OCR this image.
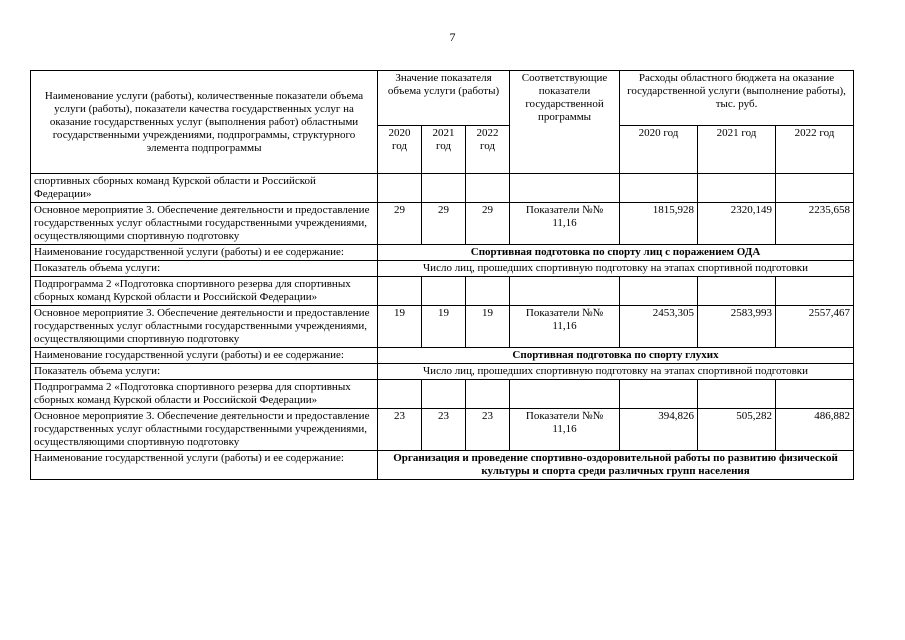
7
Наименование услуги (работы), количественные показатели объема услуги (работы), показатели качества государственных услуг на оказание государственных услуг (выполнения работ) областными государственными учреждениями, подпрограммы, структурного элемента подпрограммы	Значение показателя объема услуги (работы)			Соответствующие показатели государственной программы	Расходы областного бюджета на оказание государственной услуги (выполнение работы), тыс. руб.		
	2020 год	2021 год	2022 год		2020 год	2021 год	2022 год
спортивных сборных команд Курской области и Российской Федерации»							
Основное мероприятие 3. Обеспечение деятельности и предоставление государственных услуг областными государственными учреждениями, осуществляющими спортивную подготовку	29	29	29	Показатели №№ 11,16	1815,928	2320,149	2235,658
Наименование государственной услуги (работы) и ее содержание:	Спортивная подготовка по спорту лиц с поражением ОДА						
Показатель объема услуги:	Число лиц, прошедших спортивную подготовку на этапах спортивной подготовки						
Подпрограмма 2 «Подготовка спортивного резерва для спортивных сборных команд Курской области и Российской Федерации»							
Основное мероприятие 3. Обеспечение деятельности и предоставление государственных услуг областными государственными учреждениями, осуществляющими спортивную подготовку	19	19	19	Показатели №№ 11,16	2453,305	2583,993	2557,467
Наименование государственной услуги (работы) и ее содержание:	Спортивная подготовка по спорту глухих						
Показатель объема услуги:	Число лиц, прошедших спортивную подготовку на этапах спортивной подготовки						
Подпрограмма 2 «Подготовка спортивного резерва для спортивных сборных команд Курской области и Российской Федерации»							
Основное мероприятие 3. Обеспечение деятельности и предоставление государственных услуг областными государственными учреждениями, осуществляющими спортивную подготовку	23	23	23	Показатели №№ 11,16	394,826	505,282	486,882
Наименование государственной услуги (работы) и ее содержание:	Организация и проведение спортивно-оздоровительной работы по развитию физической культуры и спорта среди различных групп населения						
